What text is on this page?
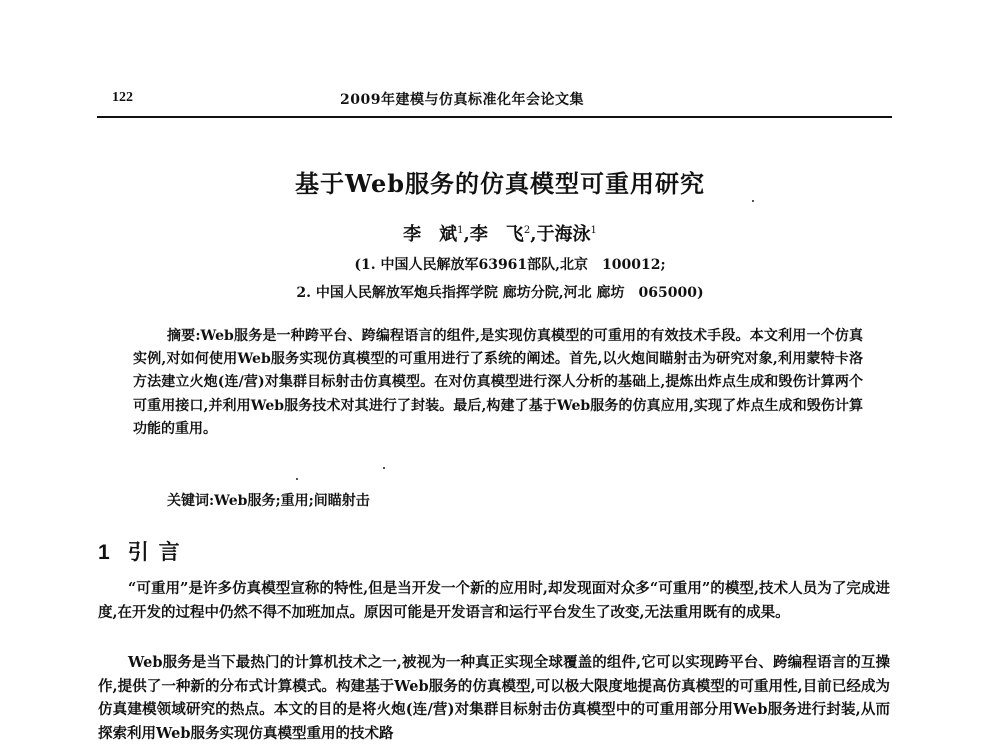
122	2009年建模与仿真标准化年会论文集
基于Web服务的仿真模型可重用研究
李　斌$^1$,李　飞$^2$,于海泳$^1$
(1. 中国人民解放军63961部队,北京　100012;
2. 中国人民解放军炮兵指挥学院 廊坊分院,河北 廊坊　065000)
摘要:Web服务是一种跨平台、跨编程语言的组件,是实现仿真模型的可重用的有效技术手段。本文利用一个仿真实例,对如何使用Web服务实现仿真模型的可重用进行了系统的阐述。首先,以火炮间瞄射击为研究对象,利用蒙特卡洛方法建立火炮(连/营)对集群目标射击仿真模型。在对仿真模型进行深人分析的基础上,提炼出炸点生成和毁伤计算两个可重用接口,并利用Web服务技术对其进行了封装。最后,构建了基于Web服务的仿真应用,实现了炸点生成和毁伤计算功能的重用。
关键词:Web服务;重用;间瞄射击
1 引言
“可重用”是许多仿真模型宣称的特性,但是当开发一个新的应用时,却发现面对众多“可重用”的模型,技术人员为了完成进度,在开发的过程中仍然不得不加班加点。原因可能是开发语言和运行平台发生了改变,无法重用既有的成果。
Web服务是当下最热门的计算机技术之一,被视为一种真正实现全球覆盖的组件,它可以实现跨平台、跨编程语言的互操作,提供了一种新的分布式计算模式。构建基于Web服务的仿真模型,可以极大限度地提高仿真模型的可重用性,目前已经成为仿真建模领域研究的热点。本文的目的是将火炮(连/营)对集群目标射击仿真模型中的可重用部分用Web服务进行封装,从而探索利用Web服务实现仿真模型重用的技术路
